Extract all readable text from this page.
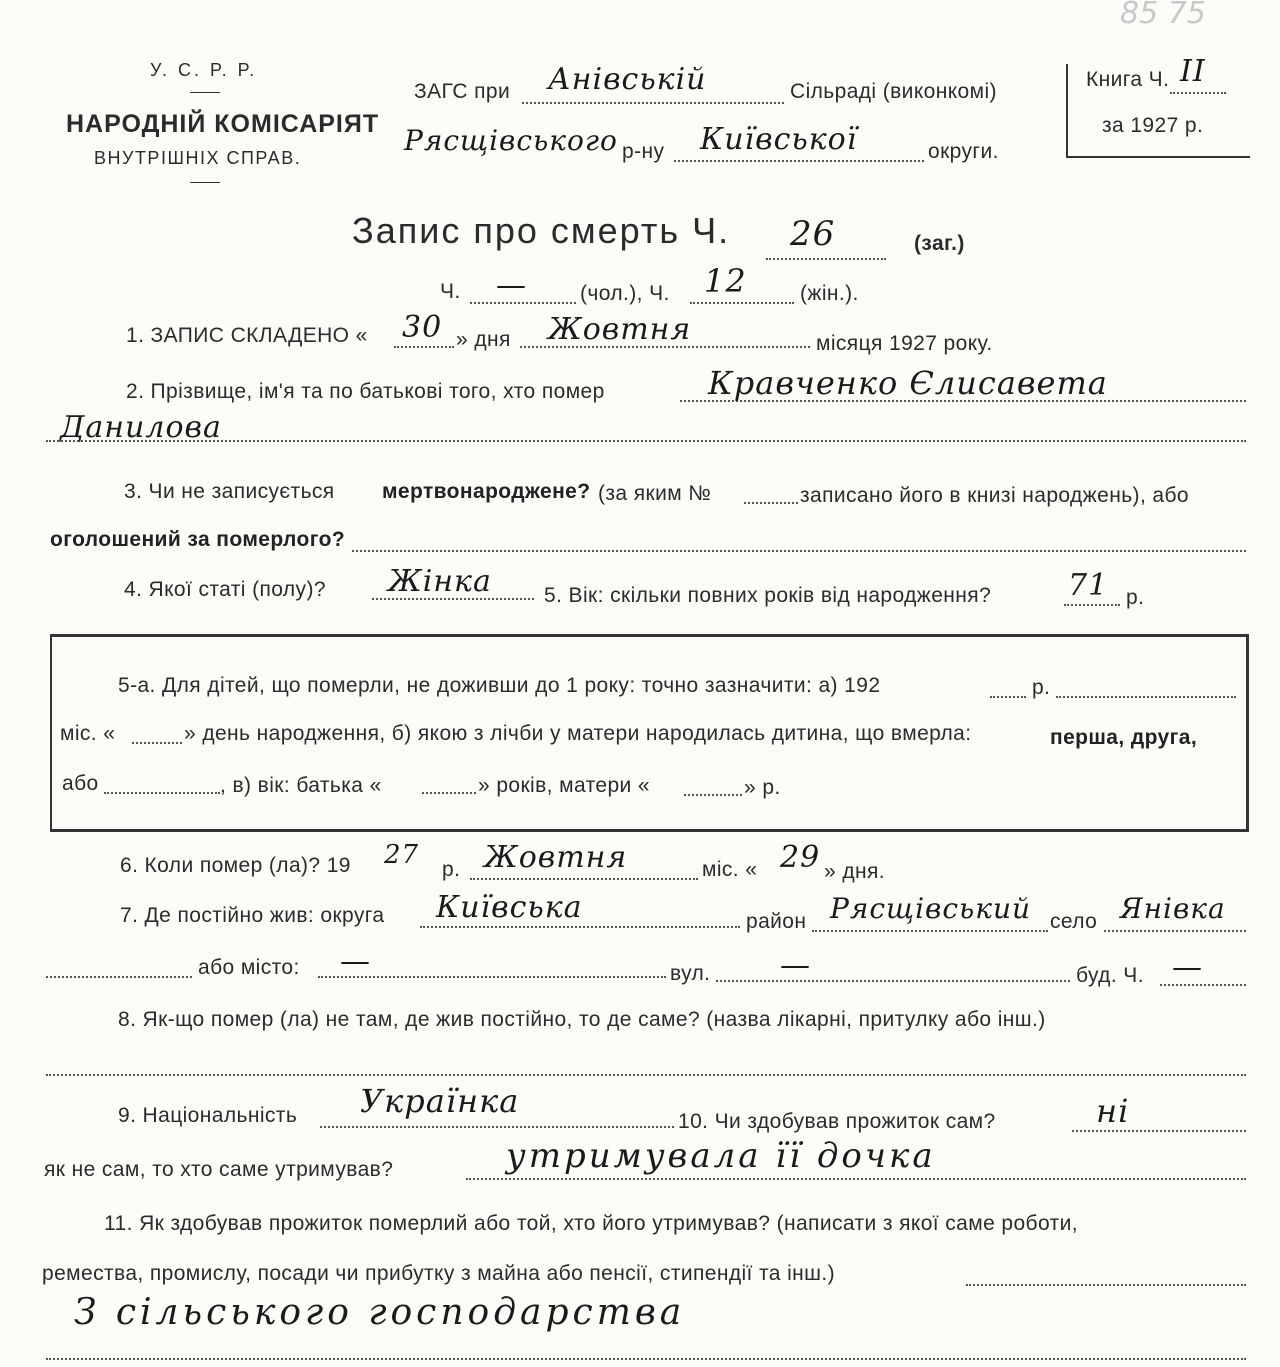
85 75
У. С. Р. Р.
НАРОДНІЙ КОМІСАРІЯТ
ВНУТРІШНІХ СПРАВ.
ЗАГС при Анівській	Сільраді (виконкомі)
Рясщівського р-ну Київської	округи.
Книга Ч. II
за 1927 р.
Запис про смерть Ч. 26	(заг.)
Ч. —	(чол.), Ч. 12	(жін.).
1. ЗАПИС СКЛАДЕНО « 30 » дня Жовтня	місяця 1927 року.
2. Прізвище, ім'я та по батькові того, хто помер	Кравченко Єлисавета
Данилова
3. Чи не записується мертвонароджене? (за яким №	записано його в книзі народжень), або
оголошений за померлого?
4. Якої статі (полу)? Жінка 5. Вік: скільки повних років від народження?	71 р.
5-а. Для дітей, що померли, не доживши до 1 року: точно зазначити: а) 192	р.
міс. «	» день народження, б) якою з лічби у матери народилась дитина, що вмерла:	перша, друга,
або	, в) вік: батька «	» років, матери «	» р.
6. Коли помер (ла)? 19 27 р. Жовтня	міс. « 29 » дня.
7. Де постійно жив: округа Київська	район Рясщівський село Янівка
або місто: —	вул. —	буд. Ч. —
8. Як-що помер (ла) не там, де жив постійно, то де саме? (назва лікарні, притулку або інш.)
9. Національність Українка
10. Чи здобував прожиток сам?	ні
як не сам, то хто саме утримував?	утримувала її дочка
11. Як здобував прожиток померлий або той, хто його утримував? (написати з якої саме роботи,
ремества, промислу, посади чи прибутку з майна або пенсії, стипендії та інш.)
З сільського господарства
